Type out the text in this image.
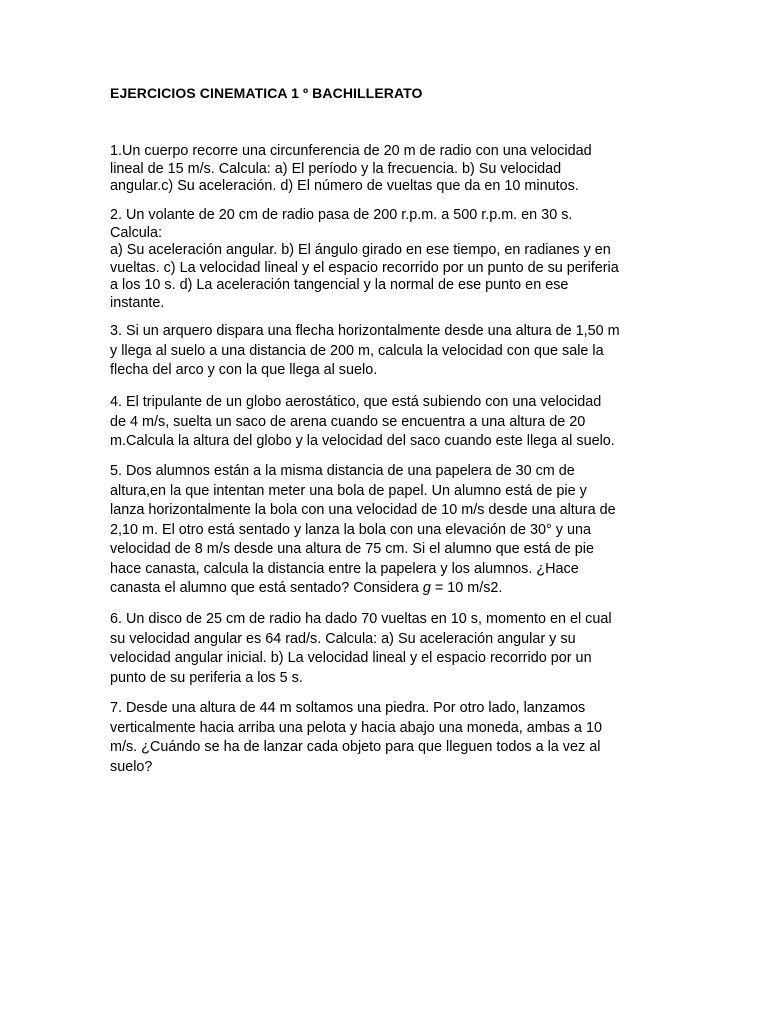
EJERCICIOS CINEMATICA 1 º BACHILLERATO
1.Un cuerpo recorre una circunferencia de 20 m de radio con una velocidad
lineal de 15 m/s. Calcula: a) El período y la frecuencia. b) Su velocidad
angular.c) Su aceleración. d) El número de vueltas que da en 10 minutos.
2. Un volante de 20 cm de radio pasa de 200 r.p.m. a 500 r.p.m. en 30 s.
Calcula:
a) Su aceleración angular. b) El ángulo girado en ese tiempo, en radianes y en
vueltas. c) La velocidad lineal y el espacio recorrido por un punto de su periferia
a los 10 s. d) La aceleración tangencial y la normal de ese punto en ese
instante.
3. Si un arquero dispara una flecha horizontalmente desde una altura de 1,50 m
y llega al suelo a una distancia de 200 m, calcula la velocidad con que sale la
flecha del arco y con la que llega al suelo.
4. El tripulante de un globo aerostático, que está subiendo con una velocidad
de 4 m/s, suelta un saco de arena cuando se encuentra a una altura de 20
m.Calcula la altura del globo y la velocidad del saco cuando este llega al suelo.
5. Dos alumnos están a la misma distancia de una papelera de 30 cm de
altura,en la que intentan meter una bola de papel. Un alumno está de pie y
lanza horizontalmente la bola con una velocidad de 10 m/s desde una altura de
2,10 m. El otro está sentado y lanza la bola con una elevación de 30° y una
velocidad de 8 m/s desde una altura de 75 cm. Si el alumno que está de pie
hace canasta, calcula la distancia entre la papelera y los alumnos. ¿Hace
canasta el alumno que está sentado? Considera g = 10 m/s2.
6. Un disco de 25 cm de radio ha dado 70 vueltas en 10 s, momento en el cual
su velocidad angular es 64 rad/s. Calcula: a) Su aceleración angular y su
velocidad angular inicial. b) La velocidad lineal y el espacio recorrido por un
punto de su periferia a los 5 s.
7. Desde una altura de 44 m soltamos una piedra. Por otro lado, lanzamos
verticalmente hacia arriba una pelota y hacia abajo una moneda, ambas a 10
m/s. ¿Cuándo se ha de lanzar cada objeto para que lleguen todos a la vez al
suelo?
